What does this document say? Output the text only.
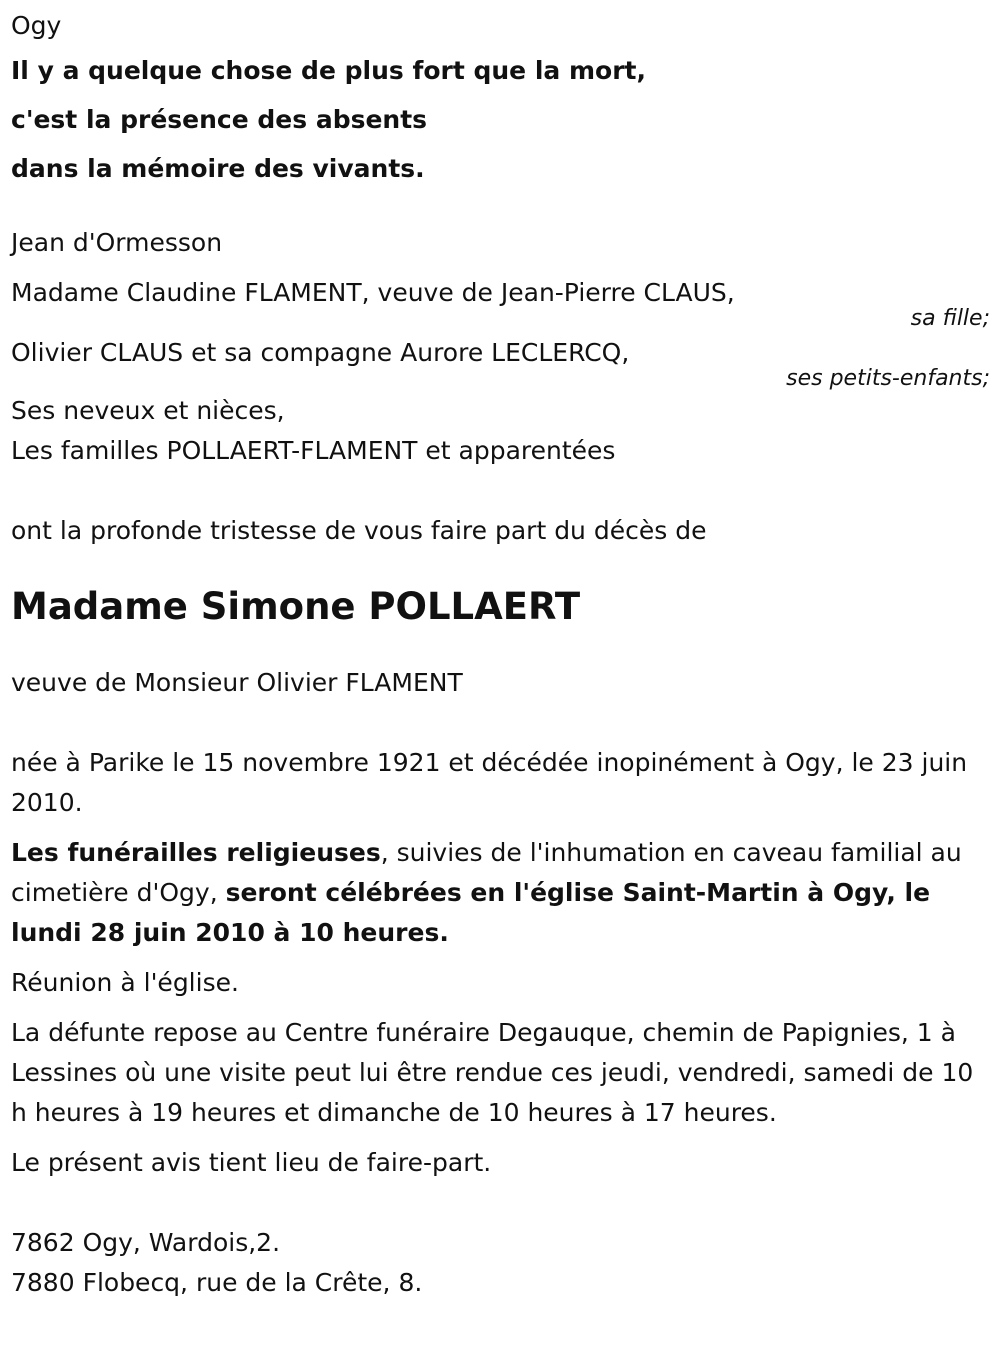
Ogy

Il y a quelque chose de plus fort que la mort,

c'est la présence des absents

dans la mémoire des vivants.

Jean d'Ormesson

Madame Claudine FLAMENT, veuve de Jean-Pierre CLAUS,

sa fille;

Olivier CLAUS et sa compagne Aurore LECLERCQ,

ses petits-enfants;

Ses neveux et nièces,

Les familles POLLAERT-FLAMENT et apparentées

ont la profonde tristesse de vous faire part du décès de

Madame Simone POLLAERT

veuve de Monsieur Olivier FLAMENT

née à Parike le 15 novembre 1921 et décédée inopinément à Ogy, le 23 juin 2010.

Les funérailles religieuses, suivies de l'inhumation en caveau familial au cimetière d'Ogy, seront célébrées en l'église Saint-Martin à Ogy, le lundi 28 juin 2010 à 10 heures.

Réunion à l'église.

La défunte repose au Centre funéraire Degauque, chemin de Papignies, 1 à Lessines où une visite peut lui être rendue ces jeudi, vendredi, samedi de 10 h heures à 19 heures et dimanche de 10 heures à 17 heures.

Le présent avis tient lieu de faire-part.

7862 Ogy, Wardois,2.

7880 Flobecq, rue de la Crête, 8.
